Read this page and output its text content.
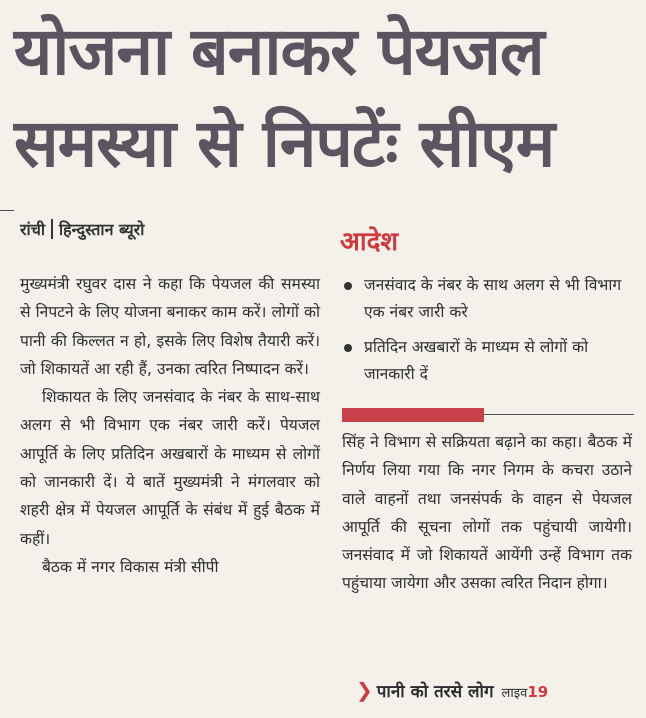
योजना बनाकर पेयजल
समस्या से निपटेंः सीएम
रांची हिन्दुस्तान ब्यूरो

मुख्यमंत्री रघुवर दास ने कहा कि पेयजल की समस्या से निपटने के लिए योजना बनाकर काम करें। लोगों को पानी की किल्लत न हो, इसके लिए विशेष तैयारी करें। जो शिकायतें आ रही हैं, उनका त्वरित निष्पादन करें।

शिकायत के लिए जनसंवाद के नंबर के साथ-साथ अलग से भी विभाग एक नंबर जारी करें। पेयजल आपूर्ति के लिए प्रतिदिन अखबारों के माध्यम से लोगों को जानकारी दें। ये बातें मुख्यमंत्री ने मंगलवार को शहरी क्षेत्र में पेयजल आपूर्ति के संबंध में हुई बैठक में कहीं।

बैठक में नगर विकास मंत्री सीपी

आदेश
जनसंवाद के नंबर के साथ अलग से भी विभाग एक नंबर जारी करे
प्रतिदिन अखबारों के माध्यम से लोगों को जानकारी दें

सिंह ने विभाग से सक्रियता बढ़ाने का कहा। बैठक में निर्णय लिया गया कि नगर निगम के कचरा उठाने वाले वाहनों तथा जनसंपर्क के वाहन से पेयजल आपूर्ति की सूचना लोगों तक पहुंचायी जायेगी। जनसंवाद में जो शिकायतें आयेंगी उन्हें विभाग तक पहुंचाया जायेगा और उसका त्वरित निदान होगा।

❯ पानी को तरसे लोग लाइव19
